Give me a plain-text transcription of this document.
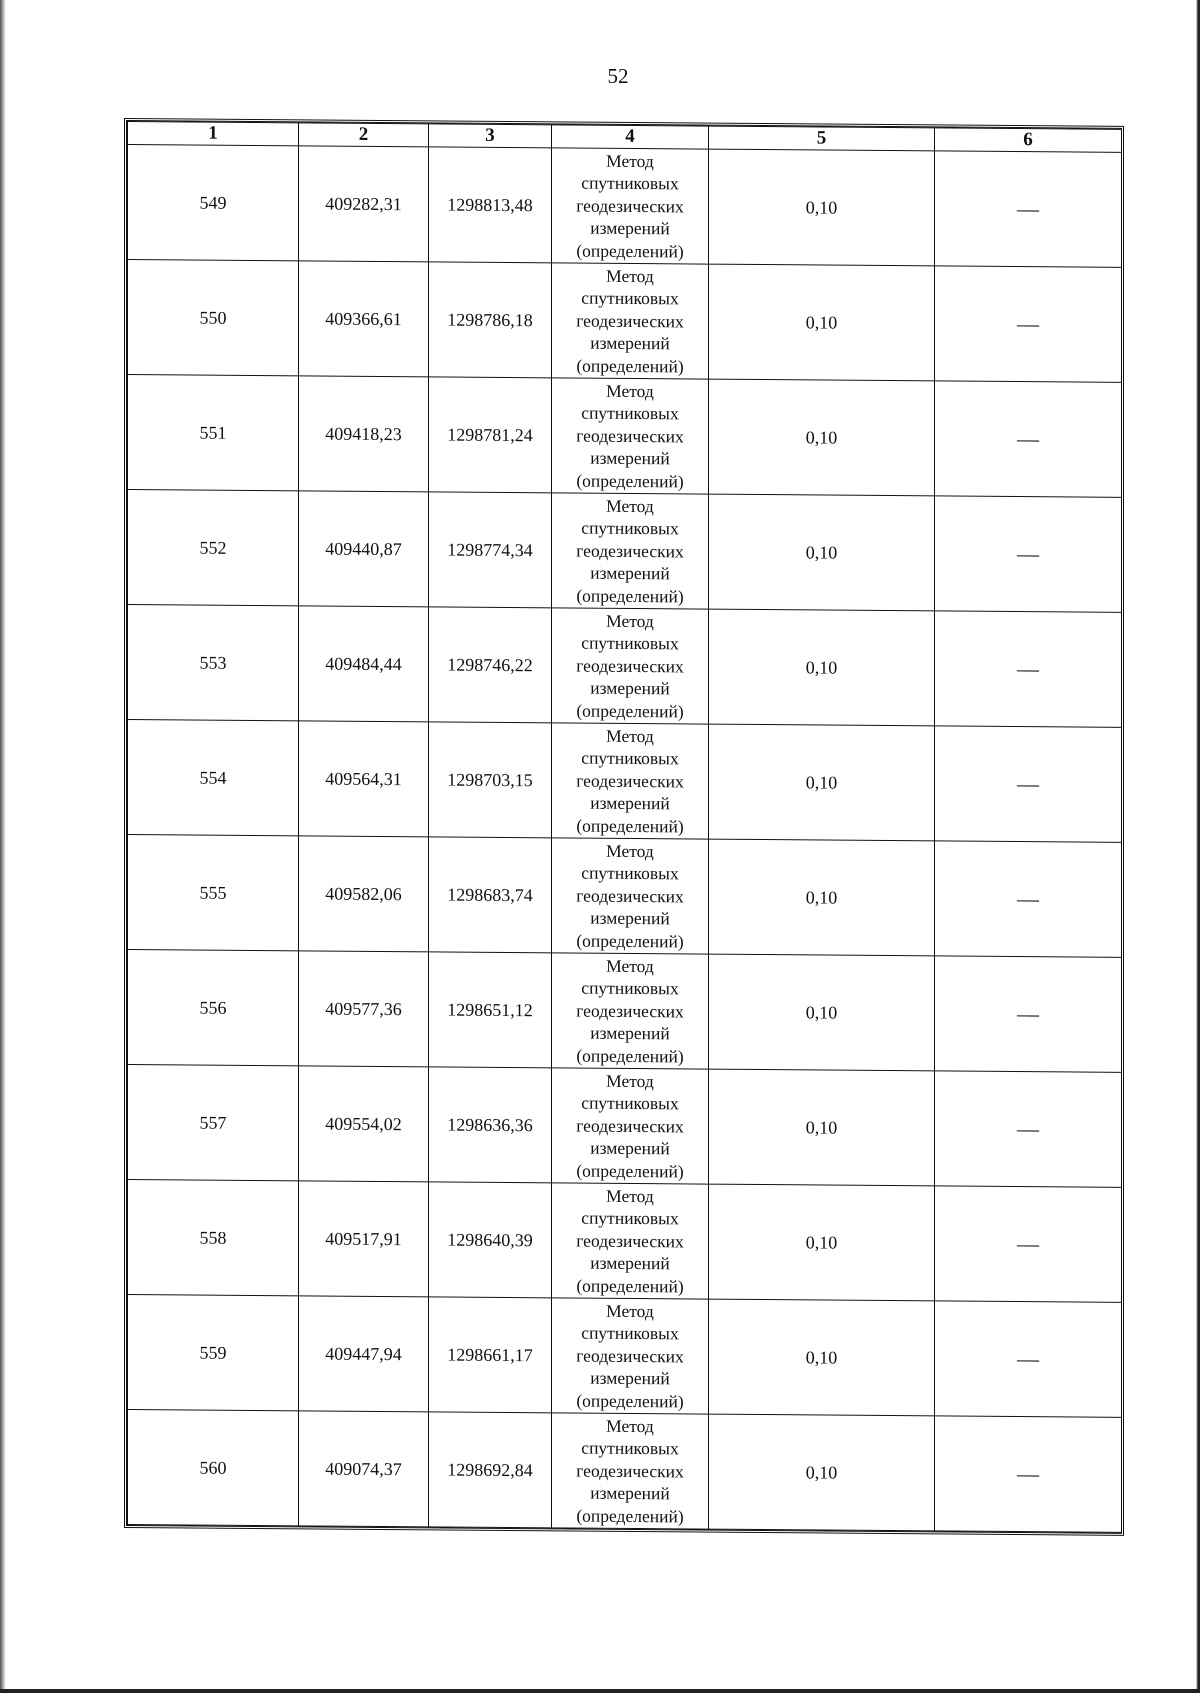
52
1	2	3	4	5	6
549	409282,31	1298813,48	Метод
спутниковых
геодезических
измерений
(определений)	0,10	—
550	409366,61	1298786,18	Метод
спутниковых
геодезических
измерений
(определений)	0,10	—
551	409418,23	1298781,24	Метод
спутниковых
геодезических
измерений
(определений)	0,10	—
552	409440,87	1298774,34	Метод
спутниковых
геодезических
измерений
(определений)	0,10	—
553	409484,44	1298746,22	Метод
спутниковых
геодезических
измерений
(определений)	0,10	—
554	409564,31	1298703,15	Метод
спутниковых
геодезических
измерений
(определений)	0,10	—
555	409582,06	1298683,74	Метод
спутниковых
геодезических
измерений
(определений)	0,10	—
556	409577,36	1298651,12	Метод
спутниковых
геодезических
измерений
(определений)	0,10	—
557	409554,02	1298636,36	Метод
спутниковых
геодезических
измерений
(определений)	0,10	—
558	409517,91	1298640,39	Метод
спутниковых
геодезических
измерений
(определений)	0,10	—
559	409447,94	1298661,17	Метод
спутниковых
геодезических
измерений
(определений)	0,10	—
560	409074,37	1298692,84	Метод
спутниковых
геодезических
измерений
(определений)	0,10	—
